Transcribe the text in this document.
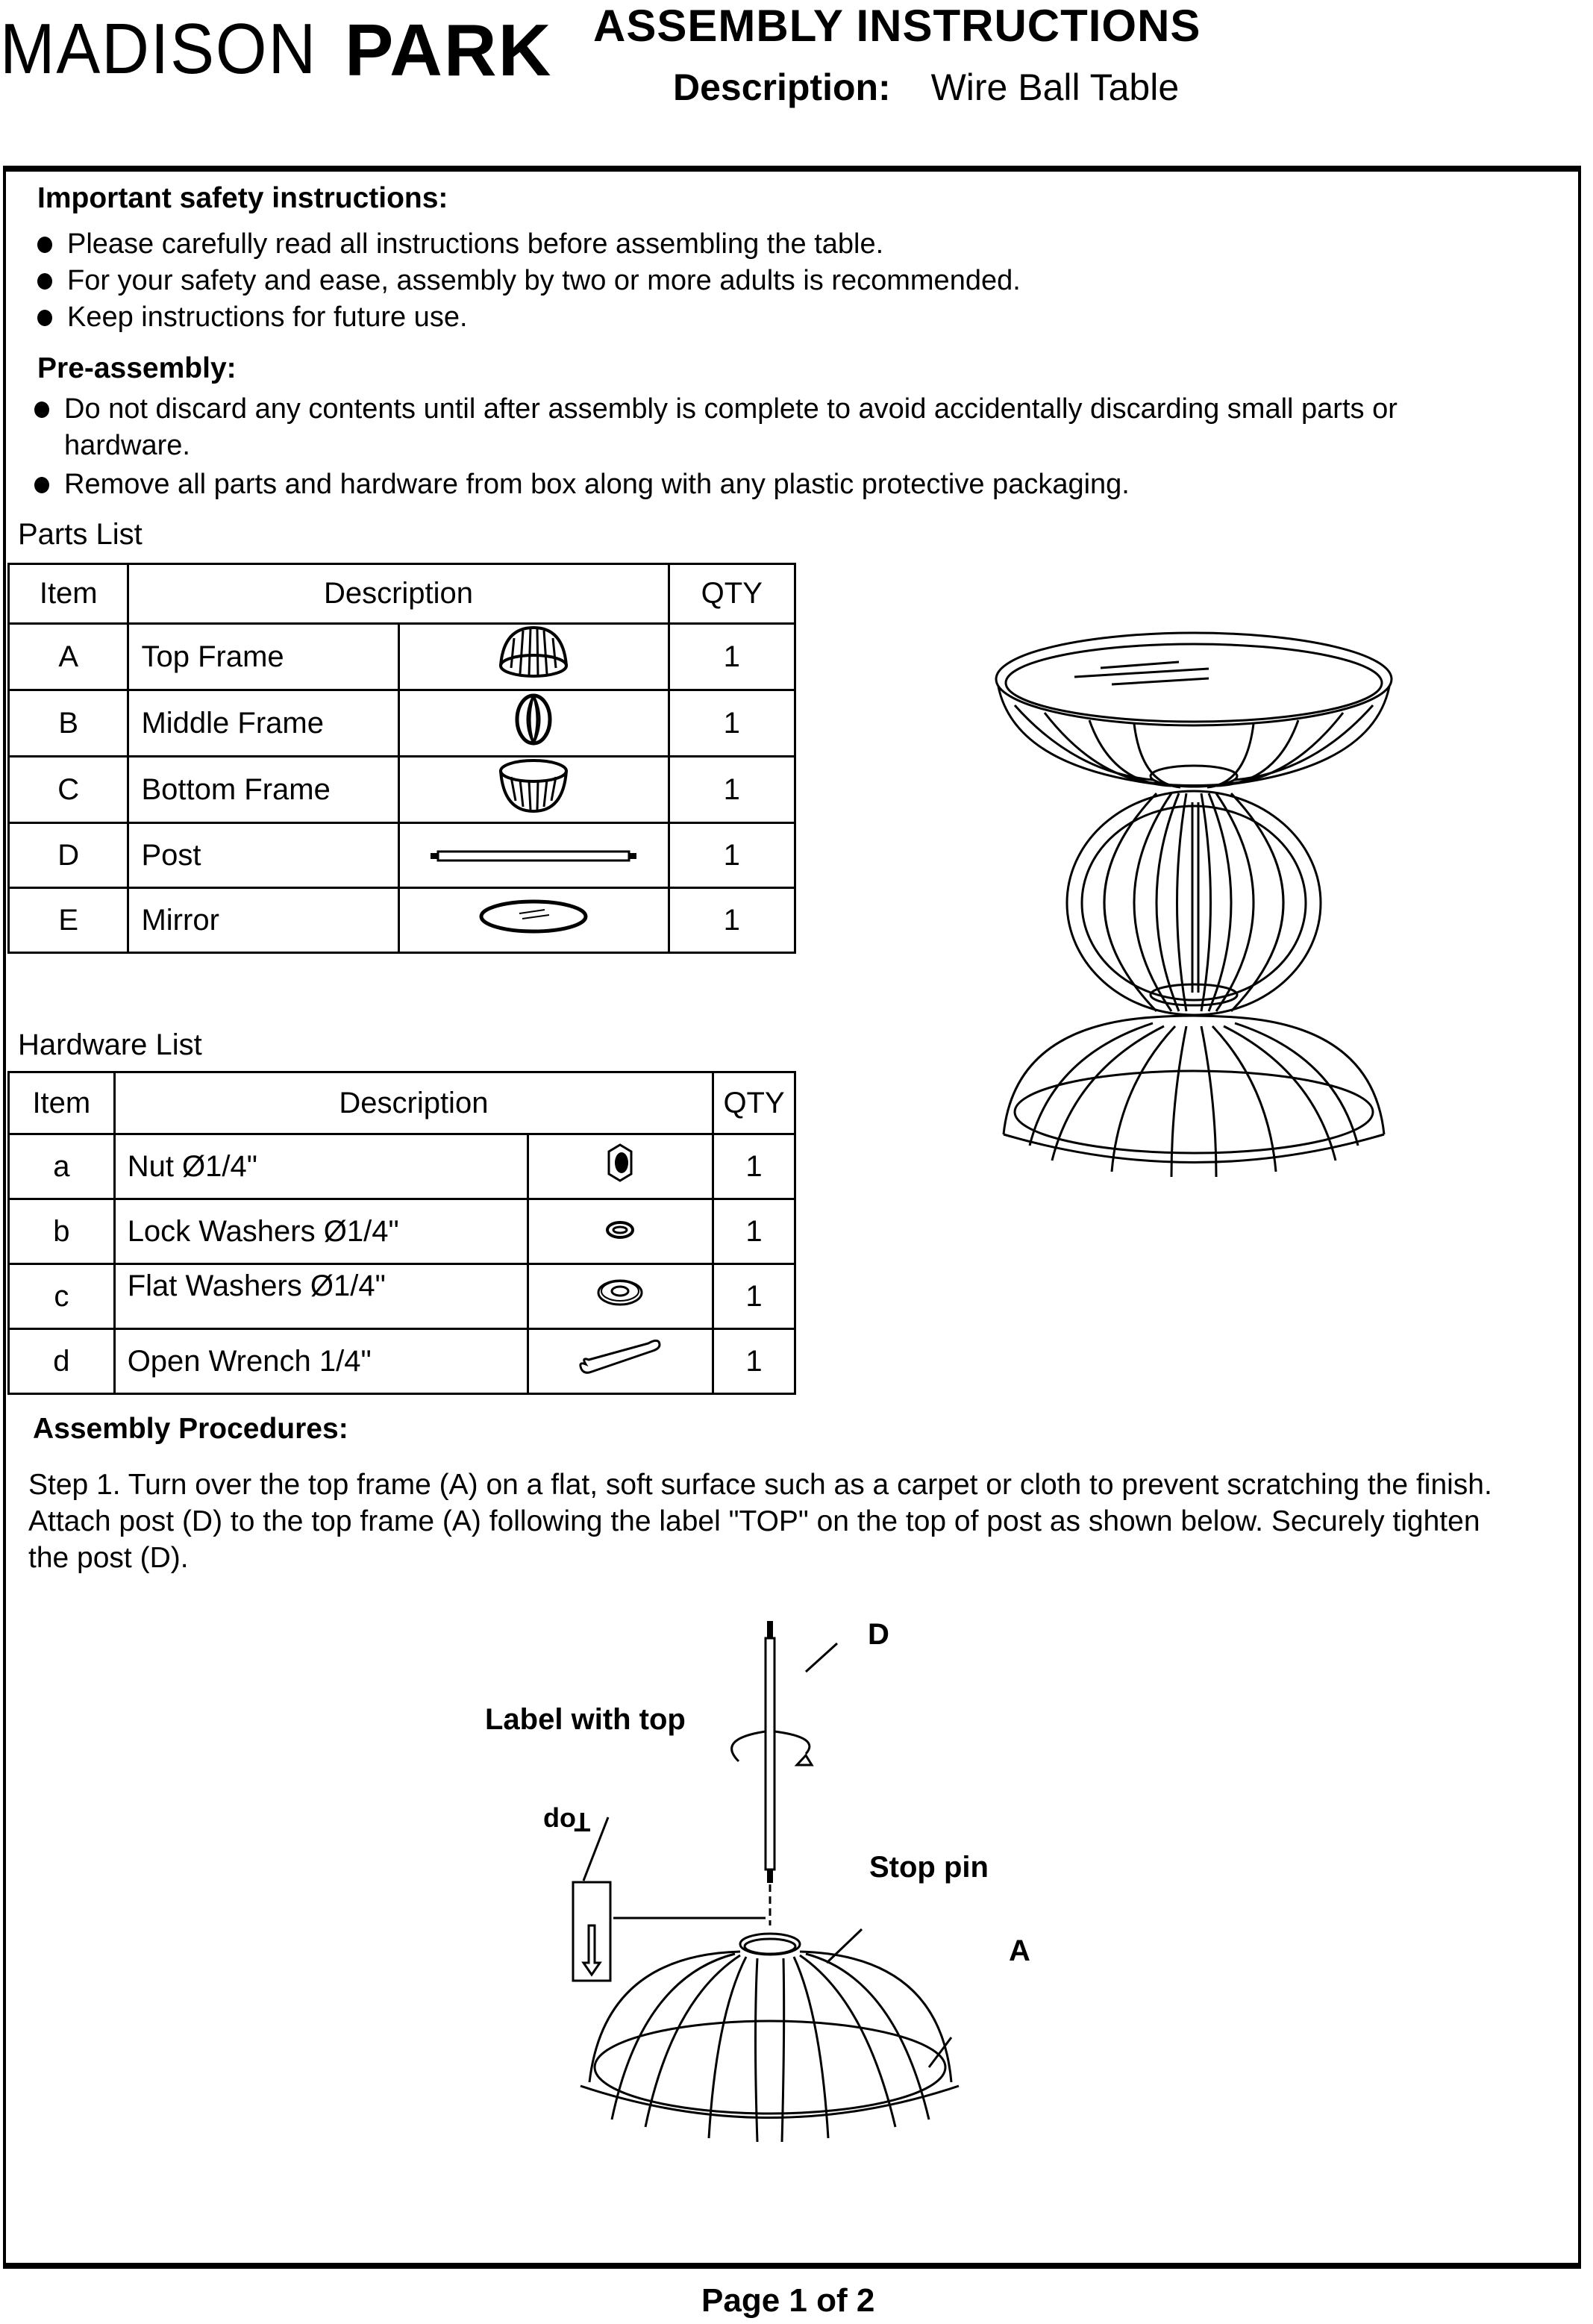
MADISON PARK ASSEMBLY INSTRUCTIONS
Description: Wire Ball Table
Important safety instructions:
Please carefully read all instructions before assembling the table.
For your safety and ease, assembly by two or more adults is recommended.
Keep instructions for future use.
Pre-assembly:
Do not discard any contents until after assembly is complete to avoid accidentally discarding small parts or
hardware.
Remove all parts and hardware from box along with any plastic protective packaging.
Parts List
Item	Description		QTY
A	Top Frame		1
B	Middle Frame		1
C	Bottom Frame		1
D	Post		1
E	Mirror		1
Hardware List
Item	Description		QTY
a	Nut Ø1/4"		1
b	Lock Washers Ø1/4"		1
c	Flat Washers Ø1/4"		1
d	Open Wrench 1/4"		1
Assembly Procedures:
Step 1. Turn over the top frame (A) on a flat, soft surface such as a carpet or cloth to prevent scratching the finish. Attach post (D) to the top frame (A) following the label "TOP" on the top of post as shown below. Securely tighten the post (D).
D
Label with top
Top
Stop pin
A
Page 1 of 2
